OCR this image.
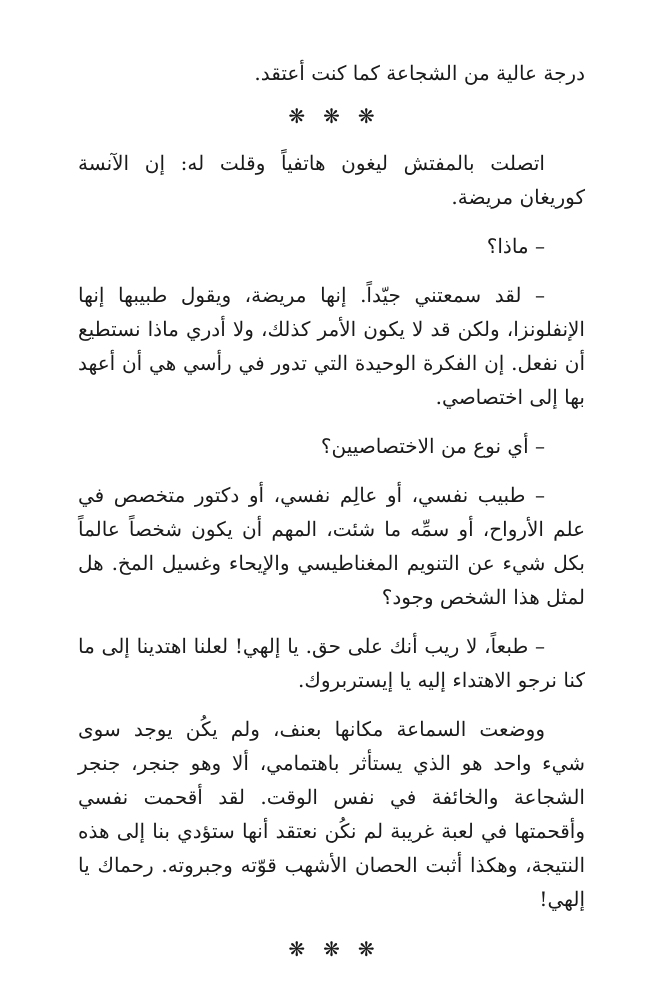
درجة عالية من الشجاعة كما كنت أعتقد.

❋❋❋

اتصلت بالمفتش ليغون هاتفياً وقلت له: إن الآنسة كوريغان مريضة.

– ماذا؟

– لقد سمعتني جيّداً. إنها مريضة، ويقول طبيبها إنها الإنفلونزا، ولكن قد لا يكون الأمر كذلك، ولا أدري ماذا نستطيع أن نفعل. إن الفكرة الوحيدة التي تدور في رأسي هي أن أعهد بها إلى اختصاصي.

– أي نوع من الاختصاصيين؟

– طبيب نفسي، أو عالِم نفسي، أو دكتور متخصص في علم الأرواح، أو سمِّه ما شئت، المهم أن يكون شخصاً عالماً بكل شيء عن التنويم المغناطيسي والإيحاء وغسيل المخ. هل لمثل هذا الشخص وجود؟

– طبعاً، لا ريب أنك على حق. يا إلهي! لعلنا اهتدينا إلى ما كنا نرجو الاهتداء إليه يا إيستربروك.

ووضعت السماعة مكانها بعنف، ولم يكُن يوجد سوى شيء واحد هو الذي يستأثر باهتمامي، ألا وهو جنجر، جنجر الشجاعة والخائفة في نفس الوقت. لقد أقحمت نفسي وأقحمتها في لعبة غريبة لم نكُن نعتقد أنها ستؤدي بنا إلى هذه النتيجة، وهكذا أثبت الحصان الأشهب قوّته وجبروته. رحماك يا إلهي!

❋❋❋
